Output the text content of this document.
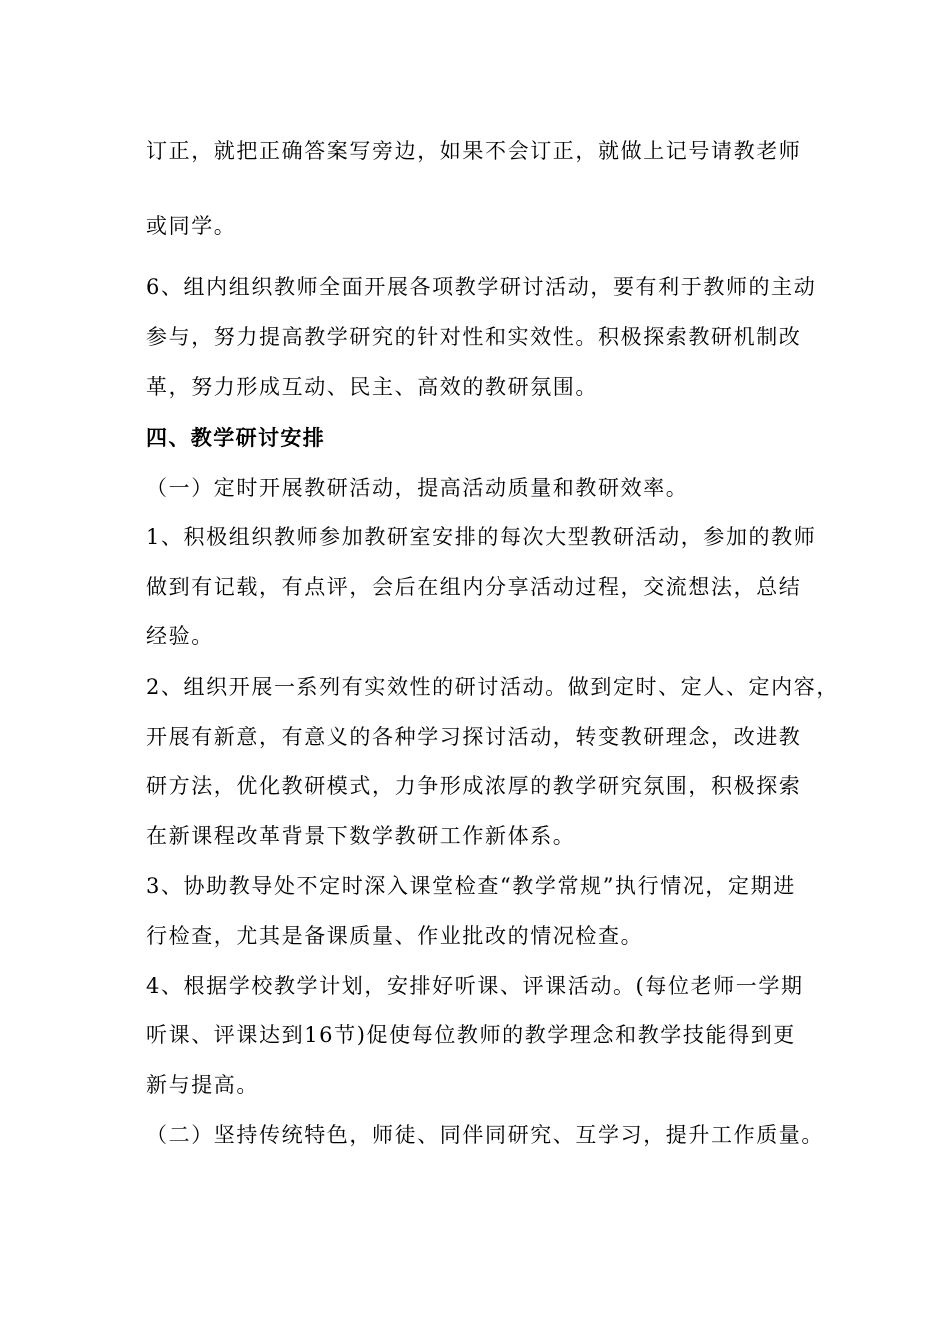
订正，就把正确答案写旁边，如果不会订正，就做上记号请教老师
或同学。
6、组内组织教师全面开展各项教学研讨活动，要有利于教师的主动
参与，努力提高教学研究的针对性和实效性。积极探索教研机制改
革，努力形成互动、民主、高效的教研氛围。
四、教学研讨安排
（一）定时开展教研活动，提高活动质量和教研效率。
1、积极组织教师参加教研室安排的每次大型教研活动，参加的教师
做到有记载，有点评，会后在组内分享活动过程，交流想法，总结
经验。
2、组织开展一系列有实效性的研讨活动。做到定时、定人、定内容，
开展有新意，有意义的各种学习探讨活动，转变教研理念，改进教
研方法，优化教研模式，力争形成浓厚的教学研究氛围，积极探索
在新课程改革背景下数学教研工作新体系。
3、协助教导处不定时深入课堂检查“教学常规”执行情况，定期进
行检查，尤其是备课质量、作业批改的情况检查。
4、根据学校教学计划，安排好听课、评课活动。(每位老师一学期
听课、评课达到16节)促使每位教师的教学理念和教学技能得到更
新与提高。
（二）坚持传统特色，师徒、同伴同研究、互学习，提升工作质量。
